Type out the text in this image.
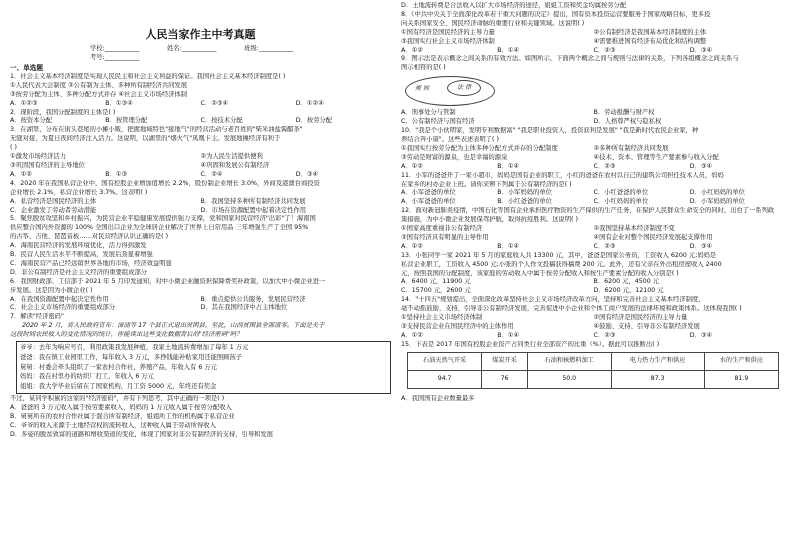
人民当家作主中考真题
学校:___________	姓名:___________	班级:___________ 考号:___________
一、单选题
1．社会主义基本经济制度是实现人民民主和社会主义利益的保证。我国社会主义基本经济制度是( )
①人民代表大会制度 ②公有制为主体、多种所有制经济共同发展
③按劳分配为主体、多种分配方式并存 ④社会主义市场经济体制
A．①②③	B．①③④	C．②③④	D．①②④
2．现阶段，我国分配制度的主体是( )
A．按资本分配	B．按管理分配	C．按技术分配	D．按劳分配
3．在湖里，分布在街头巷尾的小摊小贩，把握地域特色"接地气"的经营活动与老百姓的"柴米油盐酱醋茶"
无缝对接，为夏日夜间经济注入活力。这说明，以湖里的"烟火气"凤凰卡主。发展地摊经济有利于
( )
①激发市场经济活力	②为人民生活提供便利
③巩固国有经济的主导地位	④巩固和发展公有制经济
A．①②	B．①③	C．②④	D．③④
4．2020 年在我国私营企业中，国有控股企业增加值增长 2.2%，股份制企业增长 3.0%，外商及港澳台商投资
企业增长 2.1%，私营企业增长 3.7%。这表明( )
A．私营经济是国民经济的主体	B．我国坚持多种所有制经济共同发展
C．企业激发了劳动者劳动潜能	D．市场在资源配置中起着决定性作用
5．聚焦脱贫攻坚和乡村振兴，为民营企业平稳健康发展提供强力支撑，党和国家对民营经济"出彩"了！海南国
供应整合国内外资源的 100% 全国出口企业为全球居企业解决了世界上日常用品 三年增强生产了全国 95%
的古筝、吉他、琵琶音板……对民营经济认识正确的是( )
A．海南民营经济的发展环境优化，活力得到激发
B．民营人民生活水平不断提高，发展后劲显着增强
C．海南民营产品已经远销世界各地的市场，经济效益明显
D．非公有制经济是社会主义经济的重要组成部分
6．我国财政部、工信部于 2021 年 5 月印发通知，对中小微企业融资担保降费奖补政策，以加大中小微企业进一
步发展。这是因为小微企业( )
A．在我国资源配置中起决定性作用	B．重点提供公共服务，发展民营经济
C．社会主义市场经济的重要组成部分	D．其在我国经济中占主体地位
7．解读"经济密码"
2020 年 2 月，省人民政府宣布：漳浦等 17 个县正式退出贫困县。至此，山西贫困县全部清零。下面是关于
这段时间农民收入的变化情况的统计，你能读出这些变化数据背后的"经济密码"吗？
爷爷：去年为响应号召，利用政策我发展种植，我家土地流转费增加了每年 1 万元
爸爸：我在镇工业园里工作，每年收入 3 万元，多挣钱能补贴家用还能照顾孩子
舅舅：村委会牵头组织了一家农村合作社，养殖产品，年收入有 6 万元
妈妈：我在村里办的纺织厂打工，年收入 6 万元
姐姐：我大学毕业后留在了国家机构，月工资 5000 元，年终还有奖金
不过，某同学积累的这家的"经济密码"，并有下列思考，其中正确的一项是( )
A．爸爸的 3 万元收入属于按劳要素收入，妈妈的 1 万元收入属于按劳分配收入
B．舅舅所在的农村合作社属于混合所有制经济，姐姐所工作的机构属于私营企业
C．爷爷的收入来源于土地经营权的流转收入，这种收入属于劳动所得收入
D．多姿的脱贫致富的道路和增收渠道的变化，体现了国家对非公有制经济的支持、引导和发展
D．土地流转费是合法收入以扩大市场经济的途径，姐姐工资和奖金均属按劳分配
8．《中共中央关于全面深化改革若干重大问题的决定》提出，国有资本投资运营要服务于国家战略目标，更多投
向关系国家安全、国民经济命脉的重要行业和关键领域。这说明( )
①国有经济是国民经济的主导力量	②公有制经济是我国基本经济制度的主体
③我国实行社会主义市场经济体制	④需要推进国有经济布局优化和结构调整
A．①②	B．①④	C．②③	D．③④
9．图示法是表示概念之间关系的有效方法。如图所示，下面两个概念之间与规则与法律的关系，下列各组概念之间关系与
图示相符的是( )
规 则	法 律
A．刑事处分与管制	B．劳动报酬与财产权
C．公有制经济与国有经济	D．人格尊严权与隐私权
10．"我是个小伙明家，发明专利数据富" "我是职业投资人，投资获利是发展" "我是新时代农民企业家，种
养结合奔小康"。这些表述表明了( )
①我国实行按劳分配为主体多种分配方式并存的分配制度	②多种所有制经济共同发展
③劳动是财富的源泉，也是幸福的源泉	④技术、资本、管理等生产要素参与收入分配
A．①②	B．①④	C．②③	D．③④
11．小军的爸爸开了一家小超市，妈妈是国有企业的职工，小红的爸爸在农村以自己的建筑公司担任技术人员，妈妈
在家乡的村办企业上班。请你来辨下列属于公有制经济的是( )
A．小军爸爸的单位	B．小军妈妈的单位	C．小红爸爸的单位	D．小红妈妈的单位
A．小军爸爸的单位	B．小红爸爸的单位	C．小红妈妈的单位	D．小军妈妈的单位
12．面对新冠肺炎疫情，中国石化等国有企业承担医疗物资的生产保供的生产任务，在保护人民群众生命安全的同时，出台了一系列政
策措施，为中小微企业发展保驾护航，取得抗疫胜利。这说明( )
①国家高度重视非公有制经济	②我国坚持基本经济制度不变
③国有经济具有明显的主导作用	④国有企业对整个国民经济发展起支撑作用
A．①②	B．①④	C．②③	D．③④
13．小张同学一家 2021 年 5 月的家庭收入共 13300 元，其中，爸爸是国家公务员，工资收入 6200 元;妈妈是
私营企业职工，工资收入 4500 元;小张的个人作文投稿获得稿费 200 元。此外，还有父亲在外出租房屋收入 2400
元，按照我国的分配制度，该家庭的劳动收入中属于按劳分配收入和按生产要素分配的收入分别是( )
A．6400 元，11900 元	B．6200 元，4500 元
C．15700 元，2600 元	D．6200 元，12100 元
14．"十四五"规划提出，全面深化改革坚持社会主义市场经济改革方向，坚持和完善社会主义基本经济制度，
毫不动摇鼓励、支持、引导非公有制经济发展，完善促进中小企业和个体工商户发展的法律环境和政策体系。这体现我国( )
①坚持社会主义市场经济体制	②国有经济是国民经济的主导力量
③支持民营企业在国民经济中的主体作用	④鼓励、支持、引导非公有制经济发展
A．①②	B．①④	C．②③	D．③④
15．下表是 2017 年国有控股企业资产占同类行业全部资产的比重（%）。据此可以推断出( )
石油天然气开采	煤炭开采	石油和核燃料加工	电力热力生产和供应	水的生产和供应
94.7	76	50.0	87.3	81.9
A．我国国有企业数量最多
